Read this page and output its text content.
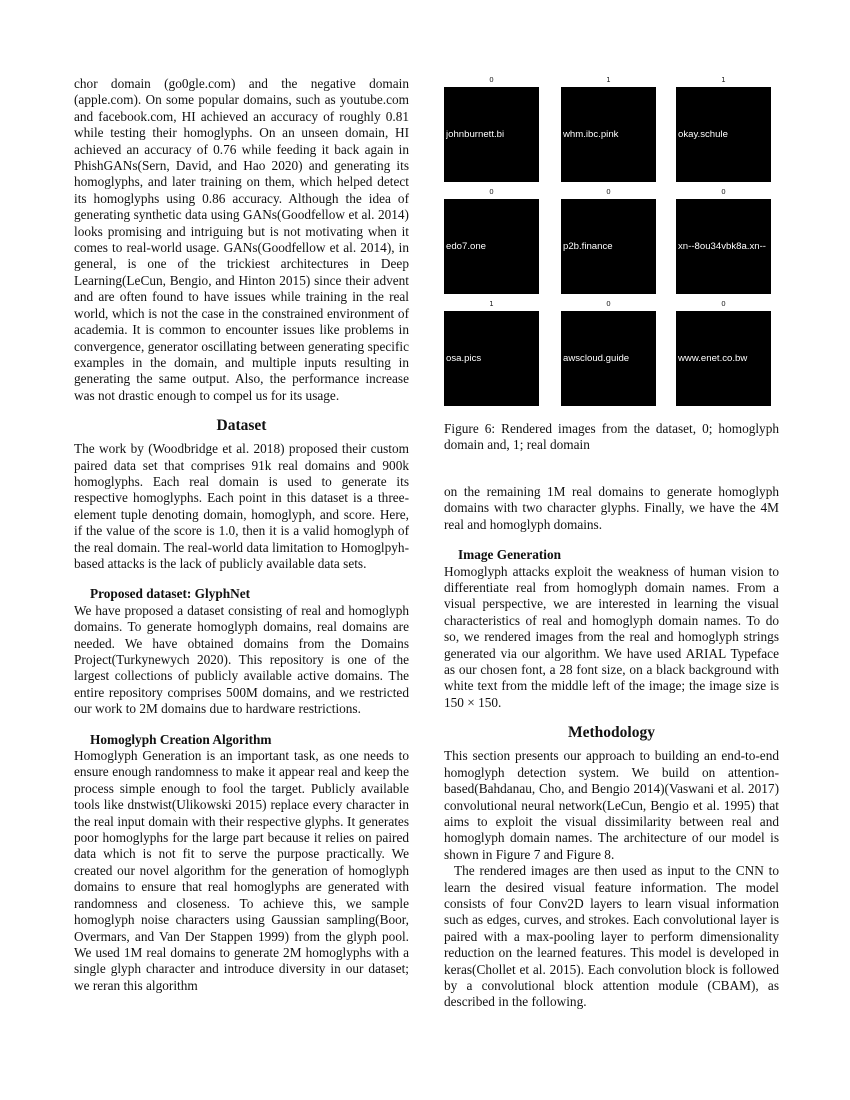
chor domain (go0gle.com) and the negative domain (apple.com). On some popular domains, such as youtube.com and facebook.com, HI achieved an accuracy of roughly 0.81 while testing their homoglyphs. On an unseen domain, HI achieved an accuracy of 0.76 while feeding it back again in PhishGANs(Sern, David, and Hao 2020) and generating its homoglyphs, and later training on them, which helped detect its homoglyphs using 0.86 accuracy. Although the idea of generating synthetic data using GANs(Goodfellow et al. 2014) looks promising and intriguing but is not motivating when it comes to real-world usage. GANs(Goodfellow et al. 2014), in general, is one of the trickiest architectures in Deep Learning(LeCun, Bengio, and Hinton 2015) since their advent and are often found to have issues while training in the real world, which is not the case in the constrained environment of academia. It is common to encounter issues like problems in convergence, generator oscillating between generating specific examples in the domain, and multiple inputs resulting in generating the same output. Also, the performance increase was not drastic enough to compel us for its usage.

Dataset

The work by (Woodbridge et al. 2018) proposed their custom paired data set that comprises 91k real domains and 900k homoglyphs. Each real domain is used to generate its respective homoglyphs. Each point in this dataset is a three-element tuple denoting domain, homoglyph, and score. Here, if the value of the score is 1.0, then it is a valid homoglyph of the real domain. The real-world data limitation to Homoglpyh-based attacks is the lack of publicly available data sets.

Proposed dataset: GlyphNet

We have proposed a dataset consisting of real and homoglyph domains. To generate homoglyph domains, real domains are needed. We have obtained domains from the Domains Project(Turkynewych 2020). This repository is one of the largest collections of publicly available active domains. The entire repository comprises 500M domains, and we restricted our work to 2M domains due to hardware restrictions.

Homoglyph Creation Algorithm

Homoglyph Generation is an important task, as one needs to ensure enough randomness to make it appear real and keep the process simple enough to fool the target. Publicly available tools like dnstwist(Ulikowski 2015) replace every character in the real input domain with their respective glyphs. It generates poor homoglyphs for the large part because it relies on paired data which is not fit to serve the purpose practically. We created our novel algorithm for the generation of homoglyph domains to ensure that real homoglyphs are generated with randomness and closeness. To achieve this, we sample homoglyph noise characters using Gaussian sampling(Boor, Overmars, and Van Der Stappen 1999) from the glyph pool. We used 1M real domains to generate 2M homoglyphs with a single glyph character and introduce diversity in our dataset; we reran this algorithm

0
johnburnett.bi
1
whm.ibc.pink
1
okay.schule
0
edo7.one
0
p2b.finance
0
xn--8ou34vbk8a.xn--
1
osa.pics
0
awscloud.guide
0
www.enet.co.bw
Figure 6: Rendered images from the dataset, 0; homoglyph domain and, 1; real domain

on the remaining 1M real domains to generate homoglyph domains with two character glyphs. Finally, we have the 4M real and homoglyph domains.

Image Generation

Homoglyph attacks exploit the weakness of human vision to differentiate real from homoglyph domain names. From a visual perspective, we are interested in learning the visual characteristics of real and homoglyph domain names. To do so, we rendered images from the real and homoglyph strings generated via our algorithm. We have used ARIAL Typeface as our chosen font, a 28 font size, on a black background with white text from the middle left of the image; the image size is 150 × 150.

Methodology

This section presents our approach to building an end-to-end homoglyph detection system. We build on attention-based(Bahdanau, Cho, and Bengio 2014)(Vaswani et al. 2017) convolutional neural network(LeCun, Bengio et al. 1995) that aims to exploit the visual dissimilarity between real and homoglyph domain names. The architecture of our model is shown in Figure 7 and Figure 8.

The rendered images are then used as input to the CNN to learn the desired visual feature information. The model consists of four Conv2D layers to learn visual information such as edges, curves, and strokes. Each convolutional layer is paired with a max-pooling layer to perform dimensionality reduction on the learned features. This model is developed in keras(Chollet et al. 2015). Each convolution block is followed by a convolutional block attention module (CBAM), as described in the following.
